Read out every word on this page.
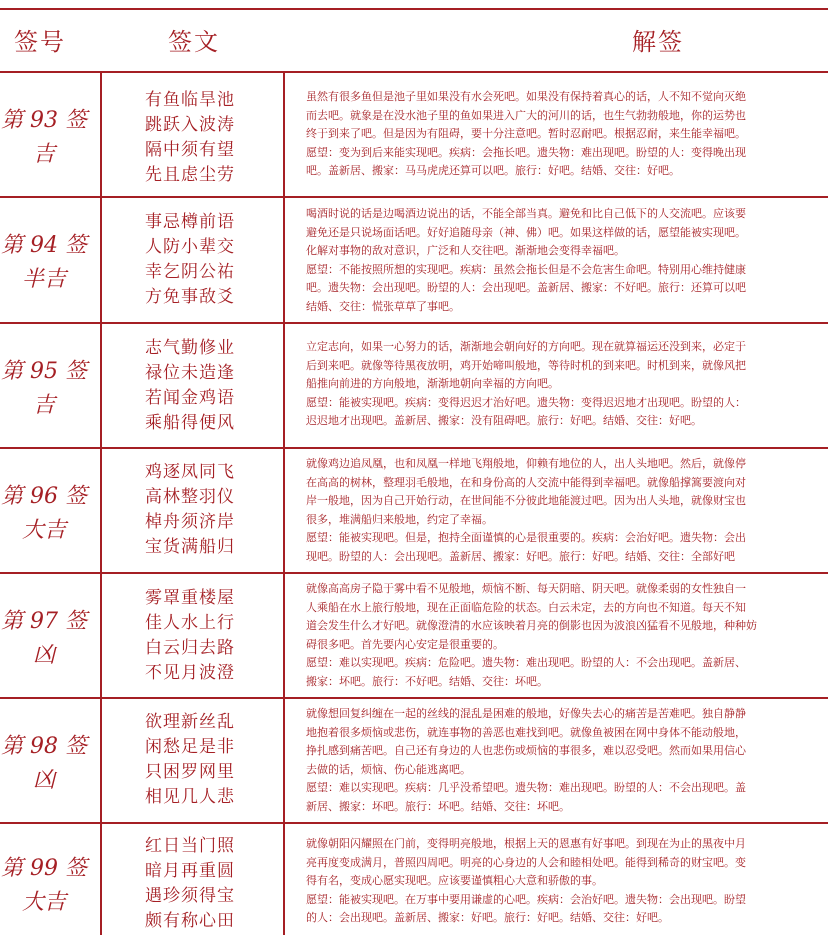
签号	签文	解签
第 93 签
吉
有鱼临旱池
跳跃入波涛
隔中须有望
先且虑尘劳
虽然有很多鱼但是池子里如果没有水会死吧。如果没有保持着真心的话，人不知不觉向灭绝
而去吧。就象是在没水池子里的鱼如果进入广大的河川的话，也生气勃勃般地，你的运势也
终于到来了吧。但是因为有阻碍，要十分注意吧。暂时忍耐吧。根据忍耐，来生能幸福吧。
愿望：变为到后来能实现吧。疾病：会拖长吧。遗失物：难出现吧。盼望的人：变得晚出现
吧。盖新居、搬家：马马虎虎还算可以吧。旅行：好吧。结婚、交往：好吧。
第 94 签
半吉
事忌樽前语
人防小辈交
幸乞阴公祐
方免事敌爻
喝酒时说的话是边喝酒边说出的话，不能全部当真。避免和比自己低下的人交流吧。应该要
避免还是只说场面话吧。好好追随母亲（神、佛）吧。如果这样做的话，愿望能被实现吧。
化解对事物的敌对意识，广泛和人交往吧。渐渐地会变得幸福吧。
愿望：不能按照所想的实现吧。疾病：虽然会拖长但是不会危害生命吧。特别用心维持健康
吧。遗失物：会出现吧。盼望的人：会出现吧。盖新居、搬家：不好吧。旅行：还算可以吧
结婚、交往：慌张草草了事吧。
第 95 签
吉
志气勤修业
禄位未造逢
若闻金鸡语
乘船得便风
立定志向，如果一心努力的话，渐渐地会朝向好的方向吧。现在就算福运还没到来，必定于
后到来吧。就像等待黑夜放明，鸡开始啼叫般地，等待时机的到来吧。时机到来，就像风把
船推向前进的方向般地，渐渐地朝向幸福的方向吧。
愿望：能被实现吧。疾病：变得迟迟才治好吧。遗失物：变得迟迟地才出现吧。盼望的人：
迟迟地才出现吧。盖新居、搬家：没有阻碍吧。旅行：好吧。结婚、交往：好吧。
第 96 签
大吉
鸡逐凤同飞
高林整羽仪
棹舟须济岸
宝货满船归
就像鸡边追凤凰，也和凤凰一样地飞翔般地，仰赖有地位的人，出人头地吧。然后，就像停
在高高的树林，整理羽毛般地，在和身份高的人交流中能得到幸福吧。就像船撑篙要渡向对
岸一般地，因为自己开始行动，在世间能不分彼此地能渡过吧。因为出人头地，就像财宝也
很多，堆满船归来般地，约定了幸福。
愿望：能被实现吧。但是，抱持全面谨慎的心是很重要的。疾病：会治好吧。遗失物：会出
现吧。盼望的人：会出现吧。盖新居、搬家：好吧。旅行：好吧。结婚、交往：全部好吧
第 97 签
凶
雾罩重楼屋
佳人水上行
白云归去路
不见月波澄
就像高高房子隐于雾中看不见般地，烦恼不断、每天阴暗、阴天吧。就像柔弱的女性独自一
人乘船在水上旅行般地，现在正面临危险的状态。白云未定，去的方向也不知道。每天不知
道会发生什么才好吧。就像澄清的水应该映着月亮的倒影也因为波浪凶猛看不见般地，种种妨
碍很多吧。首先要内心安定是很重要的。
愿望：难以实现吧。疾病：危险吧。遗失物：难出现吧。盼望的人：不会出现吧。盖新居、
搬家：坏吧。旅行：不好吧。结婚、交往：坏吧。
第 98 签
凶
欲理新丝乱
闲愁足是非
只困罗网里
相见几人悲
就像想回复纠缠在一起的丝线的混乱是困难的般地，好像失去心的痛苦是苦难吧。独自静静
地抱着很多烦恼或悲伤，就连事物的善恶也难找到吧。就像鱼被困在网中身体不能动般地，
挣扎感到痛苦吧。自己还有身边的人也悲伤或烦恼的事很多，难以忍受吧。然而如果用信心
去做的话，烦恼、伤心能逃离吧。
愿望：难以实现吧。疾病：几乎没希望吧。遗失物：难出现吧。盼望的人：不会出现吧。盖
新居、搬家：坏吧。旅行：坏吧。结婚、交往：坏吧。
第 99 签
大吉
红日当门照
暗月再重圆
遇珍须得宝
颇有称心田
就像朝阳闪耀照在门前，变得明亮般地，根据上天的恩惠有好事吧。到现在为止的黑夜中月
亮再度变成满月，普照四周吧。明亮的心身边的人会和睦相处吧。能得到稀奇的财宝吧。变
得有名，变成心愿实现吧。应该要谨慎粗心大意和骄傲的事。
愿望：能被实现吧。在万事中要用谦虚的心吧。疾病：会治好吧。遗失物：会出现吧。盼望
的人：会出现吧。盖新居、搬家：好吧。旅行：好吧。结婚、交往：好吧。
